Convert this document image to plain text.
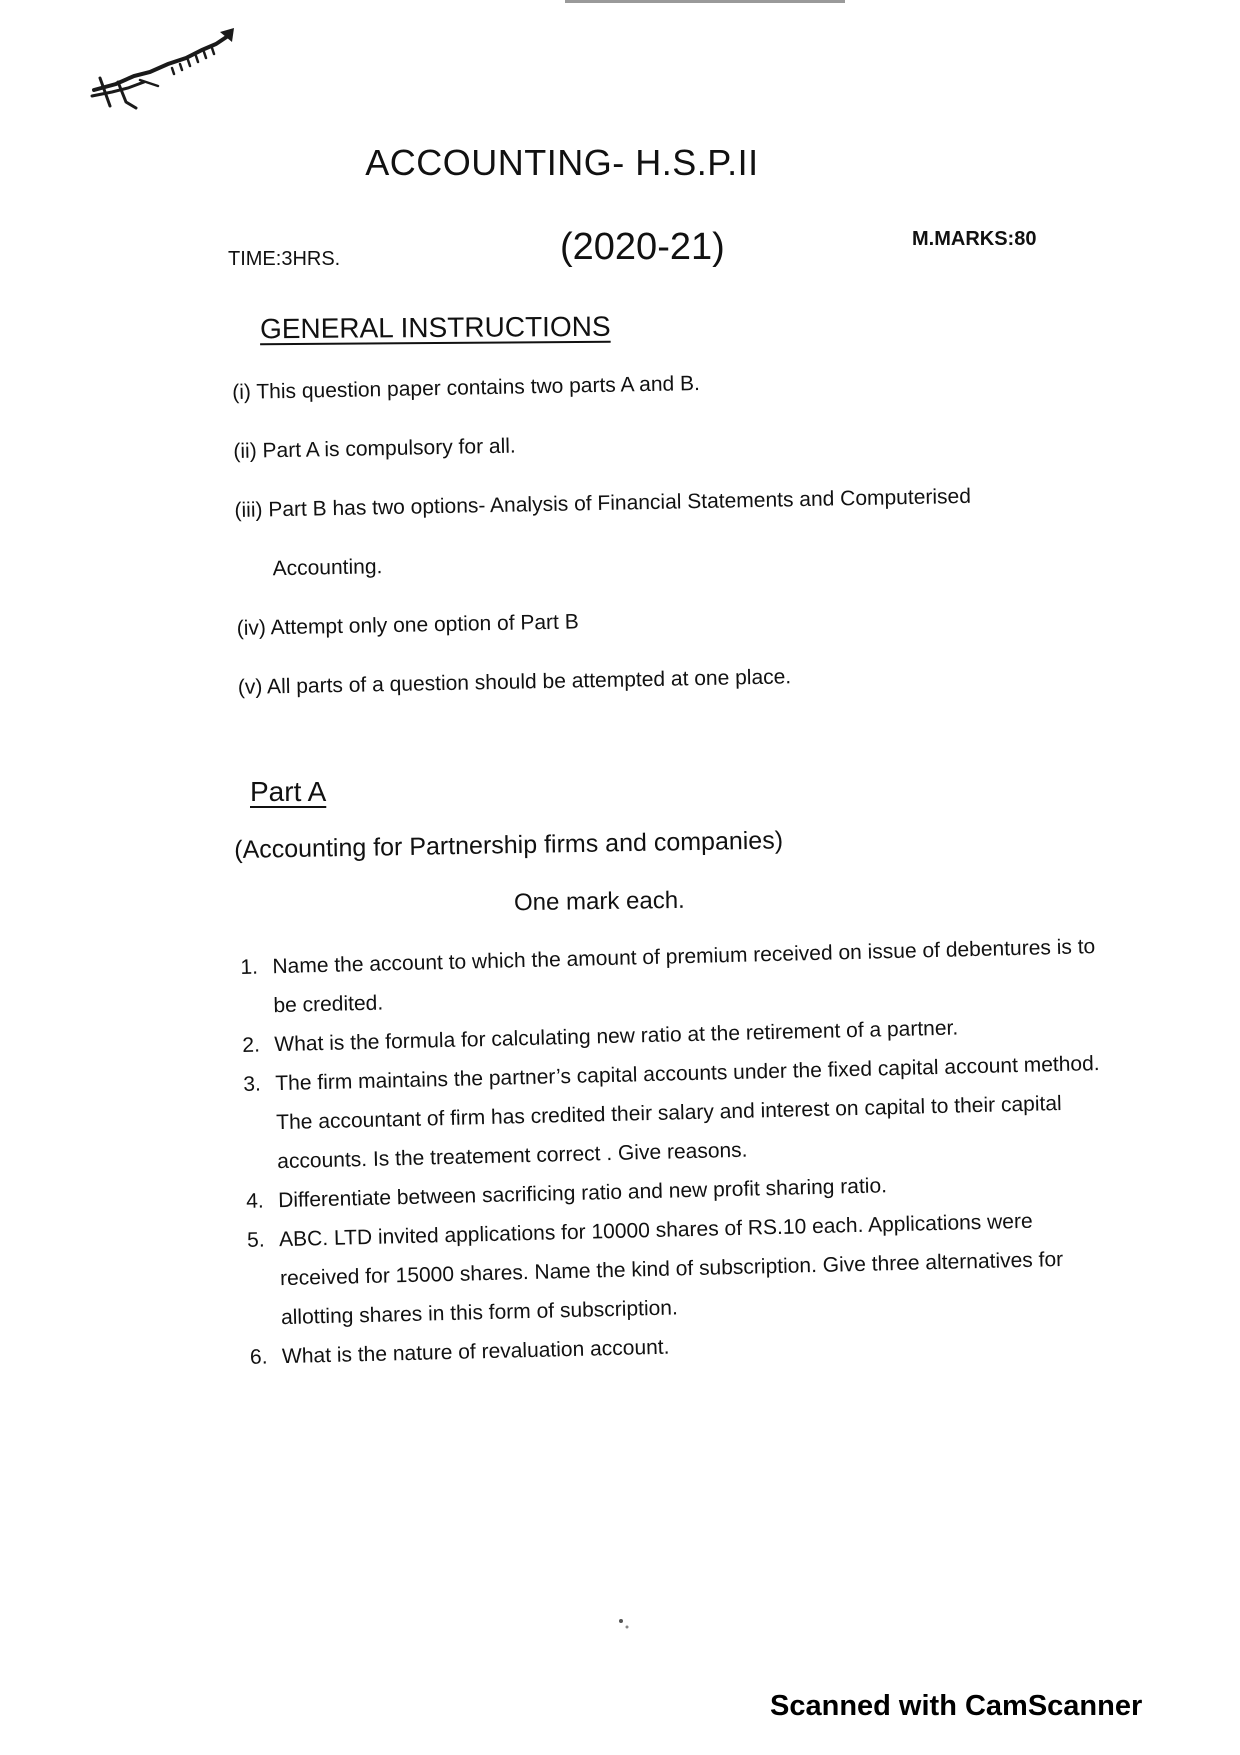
ACCOUNTING- H.S.P.II
(2020-21)
TIME:3HRS.
M.MARKS:80
GENERAL INSTRUCTIONS
(i) This question paper contains two parts A and B.
(ii) Part A is compulsory for all.
(iii) Part B has two options- Analysis of Financial Statements and Computerised
Accounting.
(iv) Attempt only one option of Part B
(v) All parts of a question should be attempted at one place.
Part A
(Accounting for Partnership firms and companies)
One mark each.
1. Name the account to which the amount of premium received on issue of debentures is to be credited.
2. What is the formula for calculating new ratio at the retirement of a partner.
3. The firm maintains the partner’s capital accounts under the fixed capital account method. The accountant of firm has credited their salary and interest on capital to their capital accounts. Is the treatement correct . Give reasons.
4. Differentiate between sacrificing ratio and new profit sharing ratio.
5. ABC. LTD invited applications for 10000 shares of RS.10 each. Applications were received for 15000 shares. Name the kind of subscription. Give three alternatives for allotting shares in this form of subscription.
6. What is the nature of revaluation account.
Scanned with CamScanner
